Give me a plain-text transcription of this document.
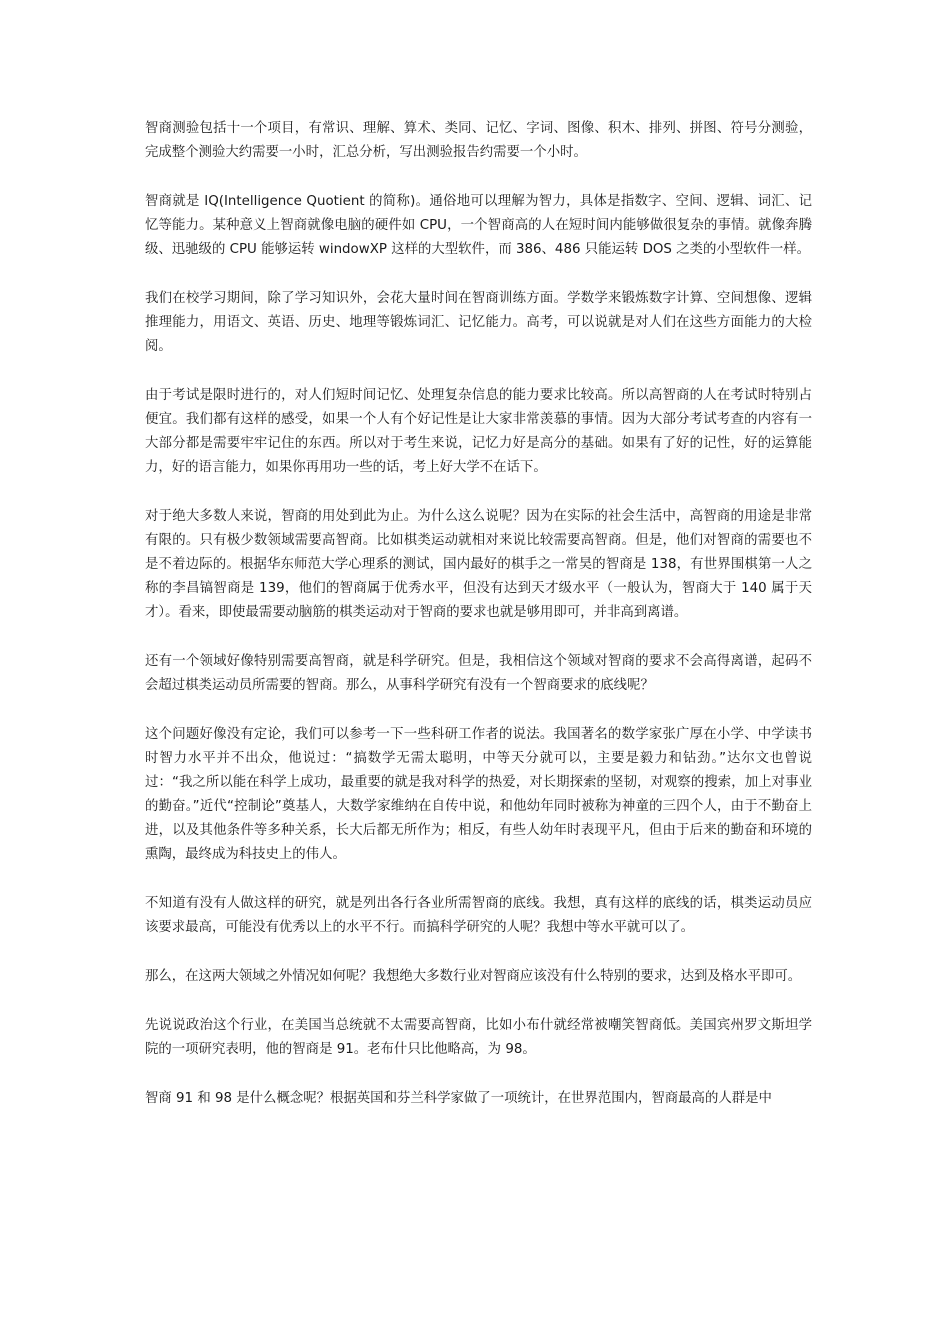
智商测验包括十一个项目，有常识、理解、算术、类同、记忆、字词、图像、积木、排列、拼图、符号分测验，完成整个测验大约需要一小时，汇总分析，写出测验报告约需要一个小时。

智商就是 IQ(Intelligence Quotient 的简称)。通俗地可以理解为智力，具体是指数字、空间、逻辑、词汇、记忆等能力。某种意义上智商就像电脑的硬件如 CPU，一个智商高的人在短时间内能够做很复杂的事情。就像奔腾级、迅驰级的 CPU 能够运转 windowXP 这样的大型软件，而 386、486 只能运转 DOS 之类的小型软件一样。

我们在校学习期间，除了学习知识外，会花大量时间在智商训练方面。学数学来锻炼数字计算、空间想像、逻辑推理能力，用语文、英语、历史、地理等锻炼词汇、记忆能力。高考，可以说就是对人们在这些方面能力的大检阅。

由于考试是限时进行的，对人们短时间记忆、处理复杂信息的能力要求比较高。所以高智商的人在考试时特别占便宜。我们都有这样的感受，如果一个人有个好记性是让大家非常羡慕的事情。因为大部分考试考查的内容有一大部分都是需要牢牢记住的东西。所以对于考生来说，记忆力好是高分的基础。如果有了好的记性，好的运算能力，好的语言能力，如果你再用功一些的话，考上好大学不在话下。

对于绝大多数人来说，智商的用处到此为止。为什么这么说呢？因为在实际的社会生活中，高智商的用途是非常有限的。只有极少数领域需要高智商。比如棋类运动就相对来说比较需要高智商。但是，他们对智商的需要也不是不着边际的。根据华东师范大学心理系的测试，国内最好的棋手之一常昊的智商是 138，有世界围棋第一人之称的李昌镐智商是 139，他们的智商属于优秀水平，但没有达到天才级水平（一般认为，智商大于 140 属于天才）。看来，即使最需要动脑筋的棋类运动对于智商的要求也就是够用即可，并非高到离谱。

还有一个领域好像特别需要高智商，就是科学研究。但是，我相信这个领域对智商的要求不会高得离谱，起码不会超过棋类运动员所需要的智商。那么，从事科学研究有没有一个智商要求的底线呢？

这个问题好像没有定论，我们可以参考一下一些科研工作者的说法。我国著名的数学家张广厚在小学、中学读书时智力水平并不出众，他说过：“搞数学无需太聪明，中等天分就可以，主要是毅力和钻劲。”达尔文也曾说过：“我之所以能在科学上成功，最重要的就是我对科学的热爱，对长期探索的坚韧，对观察的搜索，加上对事业的勤奋。”近代“控制论”奠基人，大数学家维纳在自传中说，和他幼年同时被称为神童的三四个人，由于不勤奋上进，以及其他条件等多种关系，长大后都无所作为；相反，有些人幼年时表现平凡，但由于后来的勤奋和环境的熏陶，最终成为科技史上的伟人。

不知道有没有人做这样的研究，就是列出各行各业所需智商的底线。我想，真有这样的底线的话，棋类运动员应该要求最高，可能没有优秀以上的水平不行。而搞科学研究的人呢？我想中等水平就可以了。

那么，在这两大领域之外情况如何呢？我想绝大多数行业对智商应该没有什么特别的要求，达到及格水平即可。

先说说政治这个行业，在美国当总统就不太需要高智商，比如小布什就经常被嘲笑智商低。美国宾州罗文斯坦学院的一项研究表明，他的智商是 91。老布什只比他略高，为 98。

智商 91 和 98 是什么概念呢？根据英国和芬兰科学家做了一项统计，在世界范围内，智商最高的人群是中
